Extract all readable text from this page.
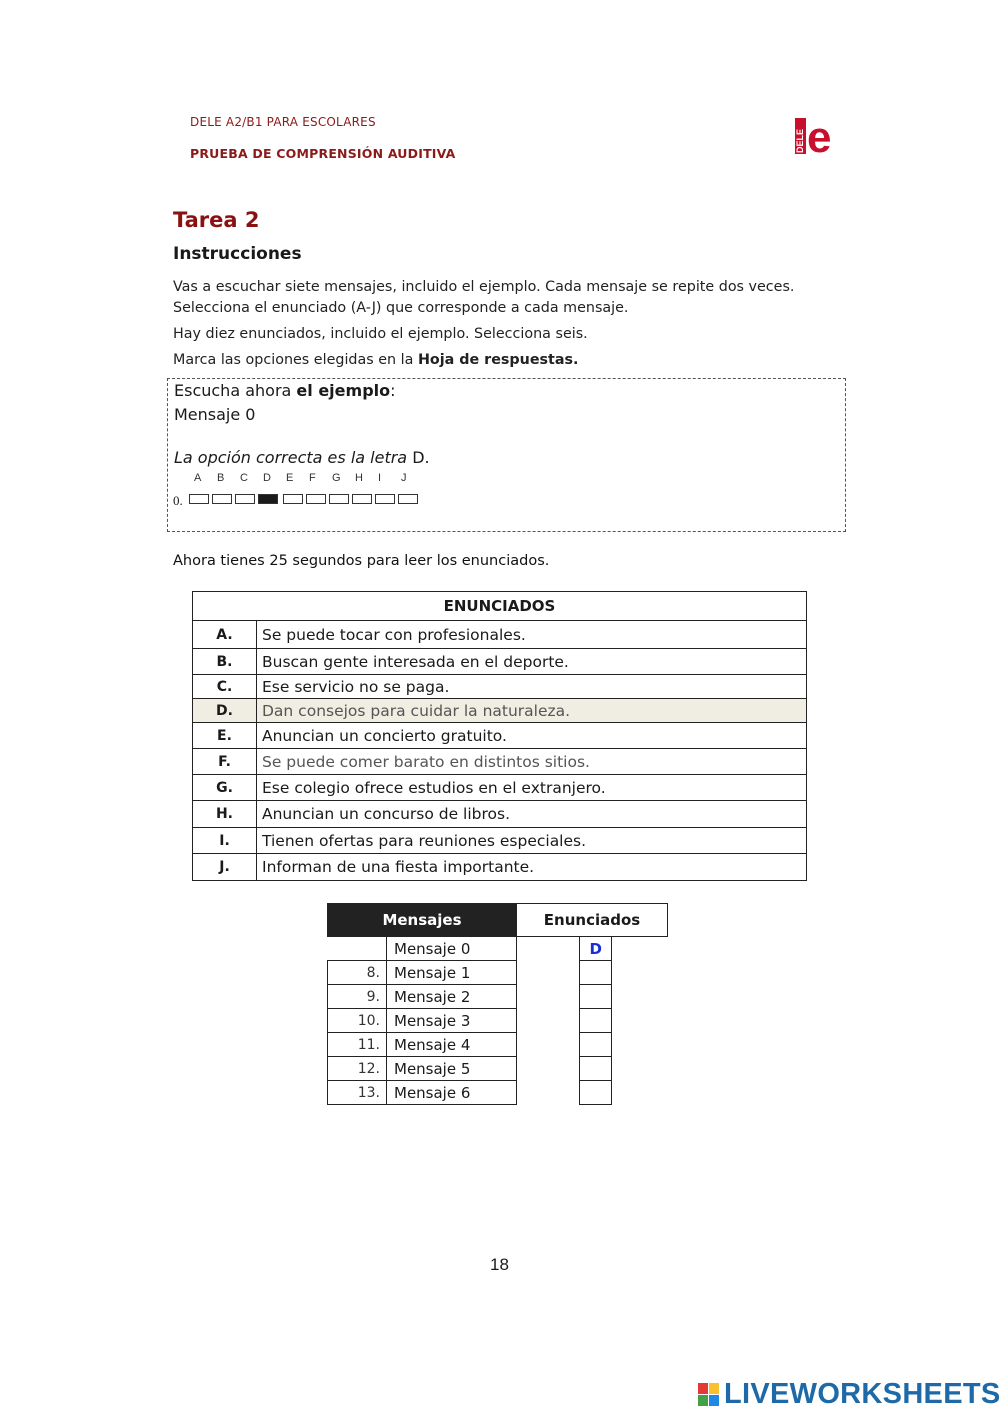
DELE A2/B1 PARA ESCOLARES
PRUEBA DE COMPRENSIÓN AUDITIVA
DELE e
Tarea 2
Instrucciones
Vas a escuchar siete mensajes, incluido el ejemplo. Cada mensaje se repite dos veces.
Selecciona el enunciado (A-J) que corresponde a cada mensaje.
Hay diez enunciados, incluido el ejemplo. Selecciona seis.
Marca las opciones elegidas en la Hoja de respuestas.
Escucha ahora el ejemplo:
Mensaje 0
La opción correcta es la letra D.
A B C D E F G H I J
0.
Ahora tienes 25 segundos para leer los enunciados.
ENUNCIADOS	
A.	Se puede tocar con profesionales.
B.	Buscan gente interesada en el deporte.
C.	Ese servicio no se paga.
D.	Dan consejos para cuidar la naturaleza.
E.	Anuncian un concierto gratuito.
F.	Se puede comer barato en distintos sitios.
G.	Ese colegio ofrece estudios en el extranjero.
H.	Anuncian un concurso de libros.
I.	Tienen ofertas para reuniones especiales.
J.	Informan de una fiesta importante.
Mensajes		Enunciados		
	Mensaje 0		D	
8.	Mensaje 1			
9.	Mensaje 2			
10.	Mensaje 3			
11.	Mensaje 4			
12.	Mensaje 5			
13.	Mensaje 6			
18
LIVEWORKSHEETS
